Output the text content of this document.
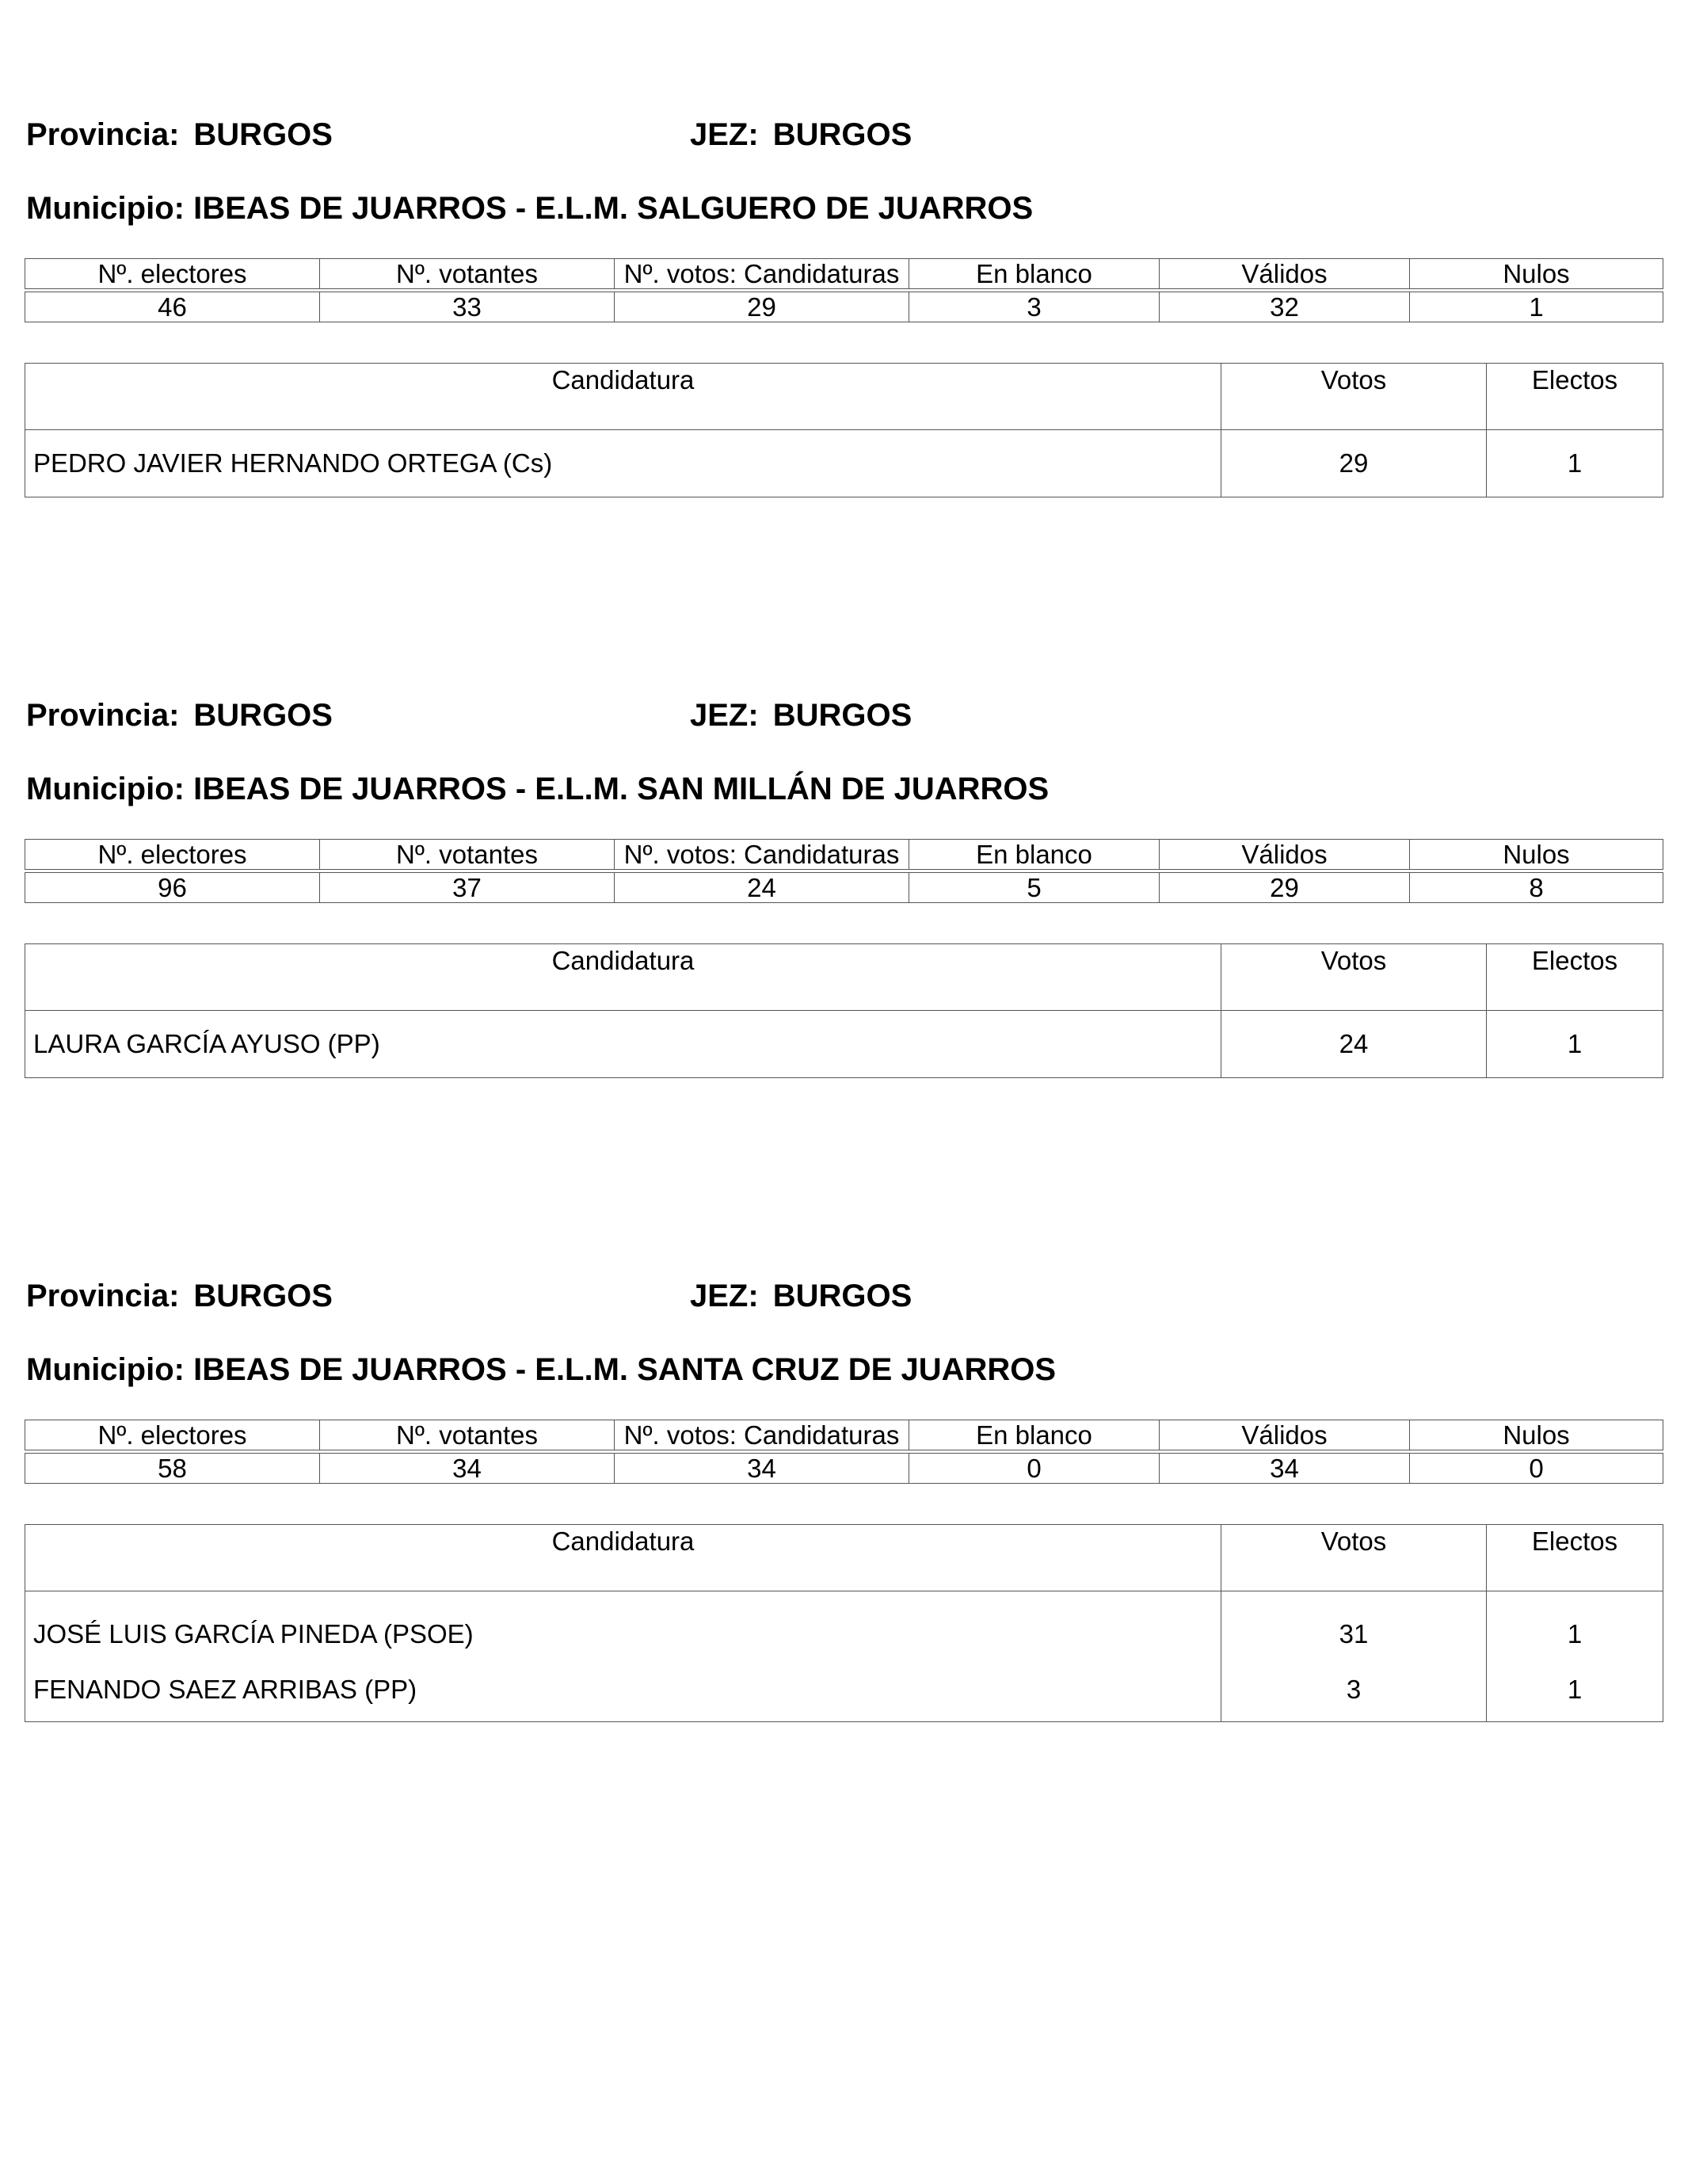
Provincia: BURGOS	JEZ: BURGOS
Municipio: IBEAS DE JUARROS - E.L.M. SALGUERO DE JUARROS
Nº. electores	Nº. votantes	Nº. votos: Candidaturas	En blanco	Válidos	Nulos

46	33	29	3	32	1
Candidatura	Votos	Electos
PEDRO JAVIER HERNANDO ORTEGA (Cs)	29	1
Provincia: BURGOS	JEZ: BURGOS
Municipio: IBEAS DE JUARROS - E.L.M. SAN MILLÁN DE JUARROS
Nº. electores	Nº. votantes	Nº. votos: Candidaturas	En blanco	Válidos	Nulos

96	37	24	5	29	8
Candidatura	Votos	Electos
LAURA GARCÍA AYUSO (PP)	24	1
Provincia: BURGOS	JEZ: BURGOS
Municipio: IBEAS DE JUARROS - E.L.M. SANTA CRUZ DE JUARROS
Nº. electores	Nº. votantes	Nº. votos: Candidaturas	En blanco	Válidos	Nulos

58	34	34	0	34	0
Candidatura	Votos	Electos
JOSÉ LUIS GARCÍA PINEDA (PSOE)	31	1
FENANDO SAEZ ARRIBAS (PP)	3	1
